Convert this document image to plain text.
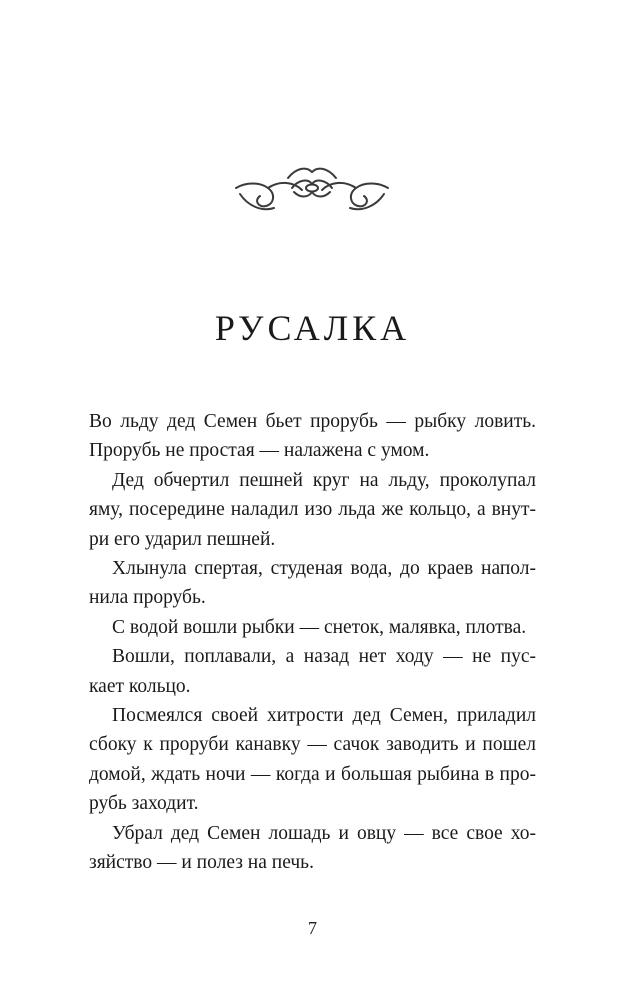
РУСАЛКА
Во льду дед Семен бьет прорубь — рыбку ловить.
Прорубь не простая — налажена с умом.
Дед обчертил пешней круг на льду, проколупал
яму, посередине наладил изо льда же кольцо, а внут-
ри его ударил пешней.
Хлынула спертая, студеная вода, до краев напол-
нила прорубь.
С водой вошли рыбки — снеток, малявка, плотва.
Вошли, поплавали, а назад нет ходу — не пус-
кает кольцо.
Посмеялся своей хитрости дед Семен, приладил
сбоку к проруби канавку — сачок заводить и пошел
домой, ждать ночи — когда и большая рыбина в про-
рубь заходит.
Убрал дед Семен лошадь и овцу — все свое хо-
зяйство — и полез на печь.
7
